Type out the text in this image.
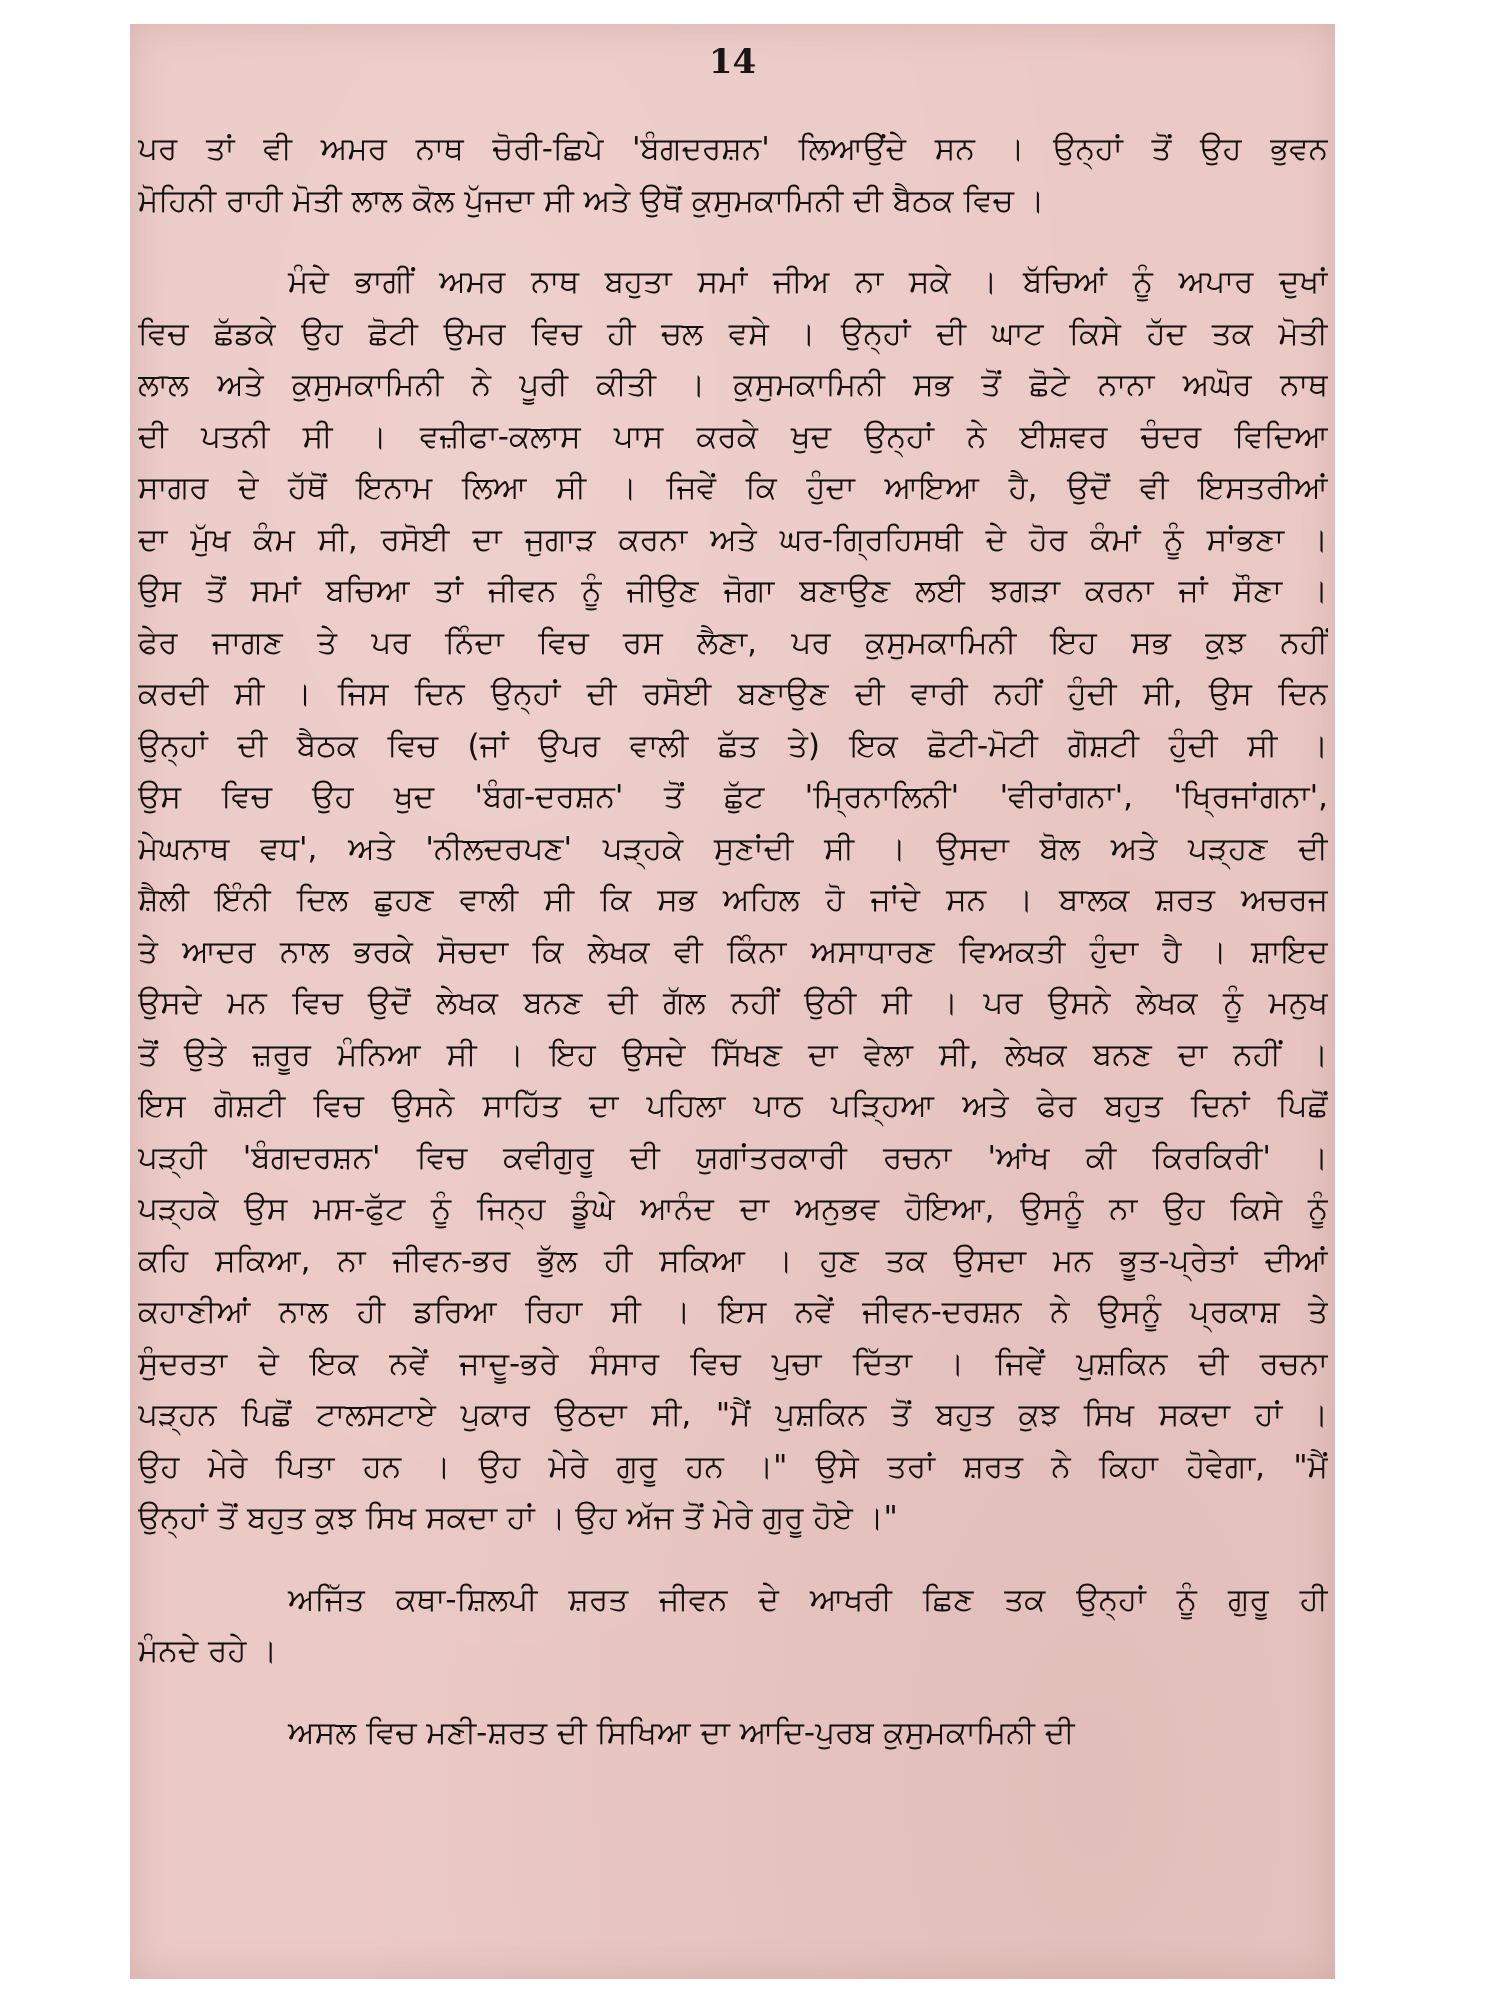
14
ਪਰ ਤਾਂ ਵੀ ਅਮਰ ਨਾਥ ਚੋਰੀ-ਛਿਪੇ 'ਬੰਗਦਰਸ਼ਨ' ਲਿਆਉਂਦੇ ਸਨ । ਉਨ੍ਹਾਂ ਤੋਂ ਉਹ ਭੁਵਨ
ਮੋਹਿਨੀ ਰਾਹੀ ਮੋਤੀ ਲਾਲ ਕੋਲ ਪੁੱਜਦਾ ਸੀ ਅਤੇ ਉਥੋਂ ਕੁਸੁਮਕਾਮਿਨੀ ਦੀ ਬੈਠਕ ਵਿਚ ।
ਮੰਦੇ ਭਾਗੀਂ ਅਮਰ ਨਾਥ ਬਹੁਤਾ ਸਮਾਂ ਜੀਅ ਨਾ ਸਕੇ । ਬੱਚਿਆਂ ਨੂੰ ਅਪਾਰ ਦੁਖਾਂ
ਵਿਚ ਛੱਡਕੇ ਉਹ ਛੋਟੀ ਉਮਰ ਵਿਚ ਹੀ ਚਲ ਵਸੇ । ਉਨ੍ਹਾਂ ਦੀ ਘਾਟ ਕਿਸੇ ਹੱਦ ਤਕ ਮੋਤੀ
ਲਾਲ ਅਤੇ ਕੁਸੁਮਕਾਮਿਨੀ ਨੇ ਪੂਰੀ ਕੀਤੀ । ਕੁਸੁਮਕਾਮਿਨੀ ਸਭ ਤੋਂ ਛੋਟੇ ਨਾਨਾ ਅਘੋਰ ਨਾਥ
ਦੀ ਪਤਨੀ ਸੀ । ਵਜ਼ੀਫਾ-ਕਲਾਸ ਪਾਸ ਕਰਕੇ ਖੁਦ ਉਨ੍ਹਾਂ ਨੇ ਈਸ਼ਵਰ ਚੰਦਰ ਵਿਦਿਆ
ਸਾਗਰ ਦੇ ਹੱਥੋਂ ਇਨਾਮ ਲਿਆ ਸੀ । ਜਿਵੇਂ ਕਿ ਹੁੰਦਾ ਆਇਆ ਹੈ, ਉਦੋਂ ਵੀ ਇਸਤਰੀਆਂ
ਦਾ ਮੁੱਖ ਕੰਮ ਸੀ, ਰਸੋਈ ਦਾ ਜੁਗਾੜ ਕਰਨਾ ਅਤੇ ਘਰ-ਗ੍ਰਿਹਿਸਥੀ ਦੇ ਹੋਰ ਕੰਮਾਂ ਨੂੰ ਸਾਂਭਣਾ ।
ਉਸ ਤੋਂ ਸਮਾਂ ਬਚਿਆ ਤਾਂ ਜੀਵਨ ਨੂੰ ਜੀਉਣ ਜੋਗਾ ਬਣਾਉਣ ਲਈ ਝਗੜਾ ਕਰਨਾ ਜਾਂ ਸੌਣਾ ।
ਫੇਰ ਜਾਗਣ ਤੇ ਪਰ ਨਿੰਦਾ ਵਿਚ ਰਸ ਲੈਣਾ, ਪਰ ਕੁਸੁਮਕਾਮਿਨੀ ਇਹ ਸਭ ਕੁਝ ਨਹੀਂ
ਕਰਦੀ ਸੀ । ਜਿਸ ਦਿਨ ਉਨ੍ਹਾਂ ਦੀ ਰਸੋਈ ਬਣਾਉਣ ਦੀ ਵਾਰੀ ਨਹੀਂ ਹੁੰਦੀ ਸੀ, ਉਸ ਦਿਨ
ਉਨ੍ਹਾਂ ਦੀ ਬੈਠਕ ਵਿਚ (ਜਾਂ ਉਪਰ ਵਾਲੀ ਛੱਤ ਤੇ) ਇਕ ਛੋਟੀ-ਮੋਟੀ ਗੋਸ਼ਟੀ ਹੁੰਦੀ ਸੀ ।
ਉਸ ਵਿਚ ਉਹ ਖੁਦ 'ਬੰਗ-ਦਰਸ਼ਨ' ਤੋਂ ਛੁੱਟ 'ਮ੍ਰਿਨਾਲਿਨੀ' 'ਵੀਰਾਂਗਨਾ', 'ਖ੍ਰਿਜਾਂਗਨਾ',
ਮੇਘਨਾਥ ਵਧ', ਅਤੇ 'ਨੀਲਦਰਪਣ' ਪੜ੍ਹਕੇ ਸੁਣਾਂਦੀ ਸੀ । ਉਸਦਾ ਬੋਲ ਅਤੇ ਪੜ੍ਹਣ ਦੀ
ਸ਼ੈਲੀ ਇੰਨੀ ਦਿਲ ਛੁਹਣ ਵਾਲੀ ਸੀ ਕਿ ਸਭ ਅਹਿਲ ਹੋ ਜਾਂਦੇ ਸਨ । ਬਾਲਕ ਸ਼ਰਤ ਅਚਰਜ
ਤੇ ਆਦਰ ਨਾਲ ਭਰਕੇ ਸੋਚਦਾ ਕਿ ਲੇਖਕ ਵੀ ਕਿੰਨਾ ਅਸਾਧਾਰਣ ਵਿਅਕਤੀ ਹੁੰਦਾ ਹੈ । ਸ਼ਾਇਦ
ਉਸਦੇ ਮਨ ਵਿਚ ਉਦੋਂ ਲੇਖਕ ਬਨਣ ਦੀ ਗੱਲ ਨਹੀਂ ਉਠੀ ਸੀ । ਪਰ ਉਸਨੇ ਲੇਖਕ ਨੂੰ ਮਨੁਖ
ਤੋਂ ਉਤੇ ਜ਼ਰੂਰ ਮੰਨਿਆ ਸੀ । ਇਹ ਉਸਦੇ ਸਿੱਖਣ ਦਾ ਵੇਲਾ ਸੀ, ਲੇਖਕ ਬਨਣ ਦਾ ਨਹੀਂ ।
ਇਸ ਗੋਸ਼ਟੀ ਵਿਚ ਉਸਨੇ ਸਾਹਿੱਤ ਦਾ ਪਹਿਲਾ ਪਾਠ ਪੜ੍ਹਿਆ ਅਤੇ ਫੇਰ ਬਹੁਤ ਦਿਨਾਂ ਪਿਛੋਂ
ਪੜ੍ਹੀ 'ਬੰਗਦਰਸ਼ਨ' ਵਿਚ ਕਵੀਗੁਰੂ ਦੀ ਯੁਗਾਂਤਰਕਾਰੀ ਰਚਨਾ 'ਆਂਖ ਕੀ ਕਿਰਕਿਰੀ' ।
ਪੜ੍ਹਕੇ ਉਸ ਮਸ-ਫੁੱਟ ਨੂੰ ਜਿਨ੍ਹ ਡੂੰਘੇ ਆਨੰਦ ਦਾ ਅਨੁਭਵ ਹੋਇਆ, ਉਸਨੂੰ ਨਾ ਉਹ ਕਿਸੇ ਨੂੰ
ਕਹਿ ਸਕਿਆ, ਨਾ ਜੀਵਨ-ਭਰ ਭੁੱਲ ਹੀ ਸਕਿਆ । ਹੁਣ ਤਕ ਉਸਦਾ ਮਨ ਭੂਤ-ਪ੍ਰੇਤਾਂ ਦੀਆਂ
ਕਹਾਣੀਆਂ ਨਾਲ ਹੀ ਡਰਿਆ ਰਿਹਾ ਸੀ । ਇਸ ਨਵੇਂ ਜੀਵਨ-ਦਰਸ਼ਨ ਨੇ ਉਸਨੂੰ ਪ੍ਰਕਾਸ਼ ਤੇ
ਸੁੰਦਰਤਾ ਦੇ ਇਕ ਨਵੇਂ ਜਾਦੂ-ਭਰੇ ਸੰਸਾਰ ਵਿਚ ਪੁਚਾ ਦਿੱਤਾ । ਜਿਵੇਂ ਪੁਸ਼ਕਿਨ ਦੀ ਰਚਨਾ
ਪੜ੍ਹਨ ਪਿਛੋਂ ਟਾਲਸਟਾਏ ਪੁਕਾਰ ਉਠਦਾ ਸੀ, "ਮੈਂ ਪੁਸ਼ਕਿਨ ਤੋਂ ਬਹੁਤ ਕੁਝ ਸਿਖ ਸਕਦਾ ਹਾਂ ।
ਉਹ ਮੇਰੇ ਪਿਤਾ ਹਨ । ਉਹ ਮੇਰੇ ਗੁਰੂ ਹਨ ।" ਉਸੇ ਤਰਾਂ ਸ਼ਰਤ ਨੇ ਕਿਹਾ ਹੋਵੇਗਾ, "ਮੈਂ
ਉਨ੍ਹਾਂ ਤੋਂ ਬਹੁਤ ਕੁਝ ਸਿਖ ਸਕਦਾ ਹਾਂ । ਉਹ ਅੱਜ ਤੋਂ ਮੇਰੇ ਗੁਰੂ ਹੋਏ ।"
ਅਜਿੱਤ ਕਥਾ-ਸ਼ਿਲਪੀ ਸ਼ਰਤ ਜੀਵਨ ਦੇ ਆਖਰੀ ਛਿਣ ਤਕ ਉਨ੍ਹਾਂ ਨੂੰ ਗੁਰੂ ਹੀ
ਮੰਨਦੇ ਰਹੇ ।
ਅਸਲ ਵਿਚ ਮਣੀ-ਸ਼ਰਤ ਦੀ ਸਿਖਿਆ ਦਾ ਆਦਿ-ਪੁਰਬ ਕੁਸੁਮਕਾਮਿਨੀ ਦੀ
